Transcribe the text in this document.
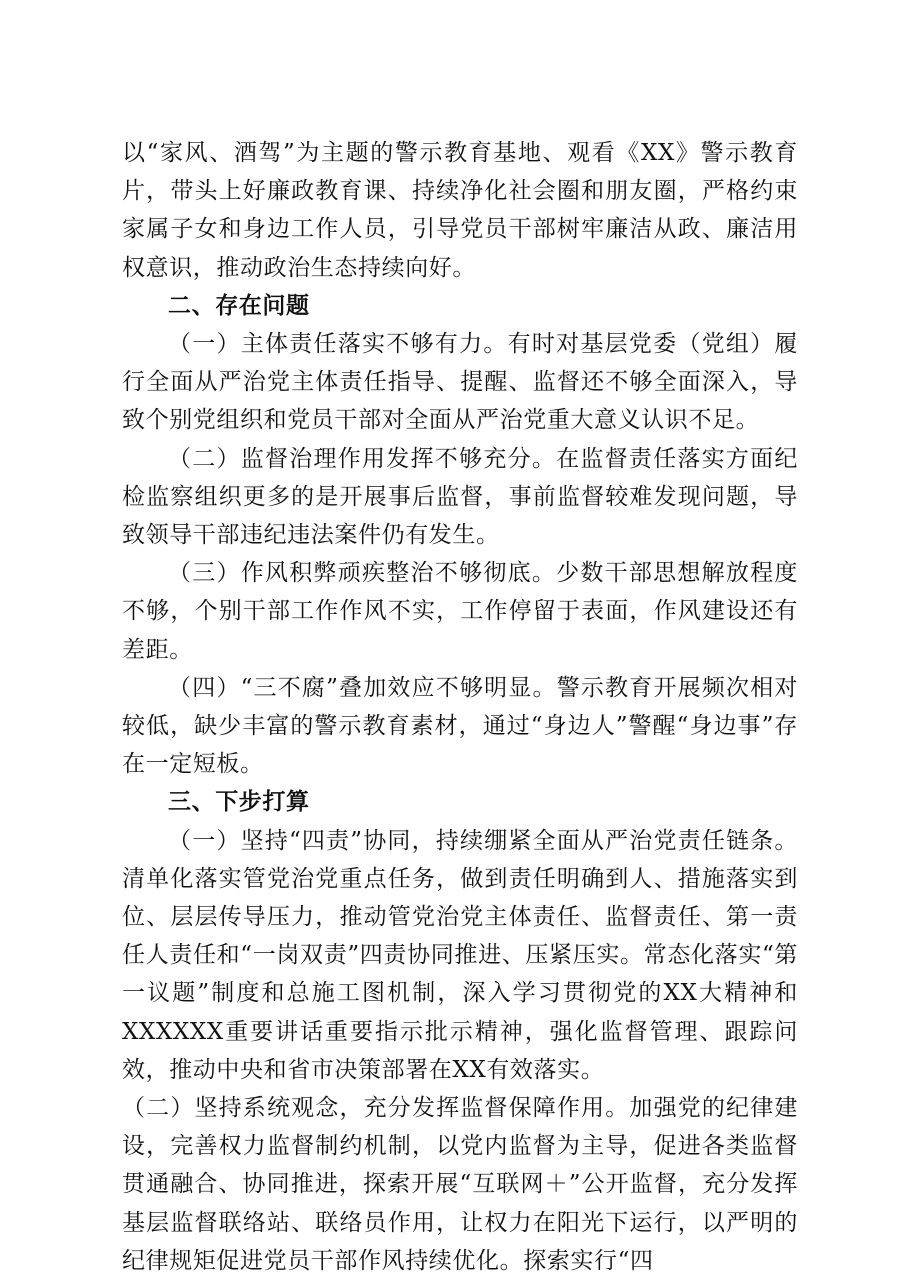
以“家风、酒驾”为主题的警示教育基地、观看《XX》警示教育片，带头上好廉政教育课、持续净化社会圈和朋友圈，严格约束家属子女和身边工作人员，引导党员干部树牢廉洁从政、廉洁用权意识，推动政治生态持续向好。

二、存在问题

（一）主体责任落实不够有力。有时对基层党委（党组）履行全面从严治党主体责任指导、提醒、监督还不够全面深入，导致个别党组织和党员干部对全面从严治党重大意义认识不足。

（二）监督治理作用发挥不够充分。在监督责任落实方面纪检监察组织更多的是开展事后监督，事前监督较难发现问题，导致领导干部违纪违法案件仍有发生。

（三）作风积弊顽疾整治不够彻底。少数干部思想解放程度不够，个别干部工作作风不实，工作停留于表面，作风建设还有差距。

（四）“三不腐”叠加效应不够明显。警示教育开展频次相对较低，缺少丰富的警示教育素材，通过“身边人”警醒“身边事”存在一定短板。

三、下步打算

（一）坚持“四责”协同，持续绷紧全面从严治党责任链条。清单化落实管党治党重点任务，做到责任明确到人、措施落实到位、层层传导压力，推动管党治党主体责任、监督责任、第一责任人责任和“一岗双责”四责协同推进、压紧压实。常态化落实“第一议题”制度和总施工图机制，深入学习贯彻党的XX大精神和XXXXXX重要讲话重要指示批示精神，强化监督管理、跟踪问效，推动中央和省市决策部署在XX有效落实。

（二）坚持系统观念，充分发挥监督保障作用。加强党的纪律建设，完善权力监督制约机制，以党内监督为主导，促进各类监督贯通融合、协同推进，探索开展“互联网＋”公开监督，充分发挥基层监督联络站、联络员作用，让权力在阳光下运行，以严明的纪律规矩促进党员干部作风持续优化。探索实行“四
